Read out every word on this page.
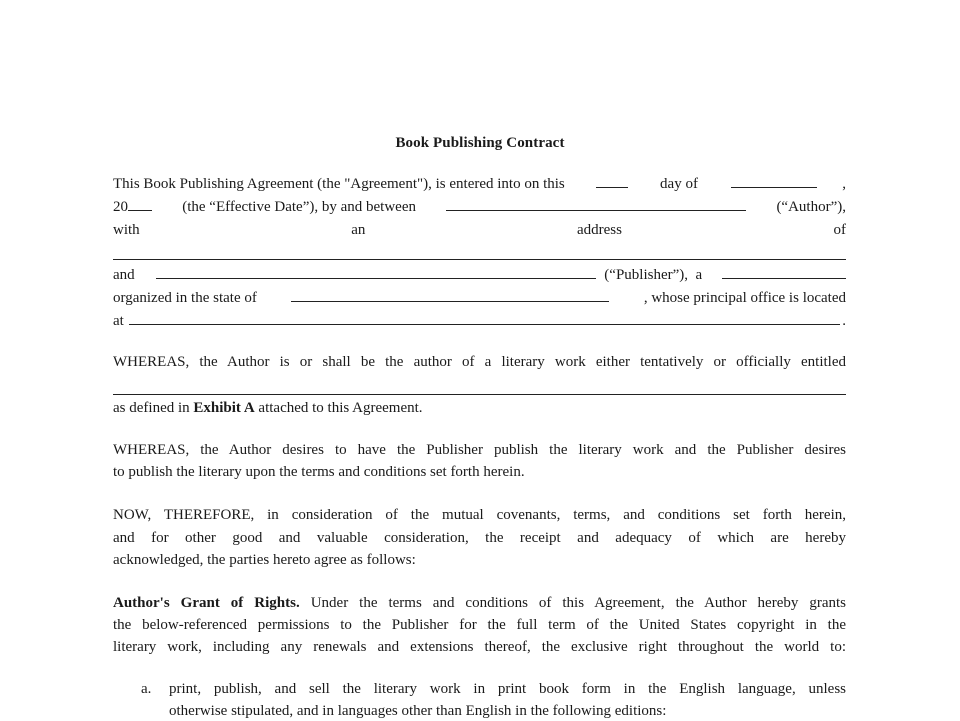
Book Publishing Contract
This Book Publishing Agreement (the "Agreement"), is entered into on this	day of	,
20	(the “Effective Date”), by and between	(“Author”),
with	an	address	of
and	(“Publisher”),  a
organized in the state of	, whose principal office is located
at	.
WHEREAS, the Author is or shall be the author of a literary work either tentatively or officially entitled
as defined in Exhibit A attached to this Agreement.
WHEREAS, the Author desires to have the Publisher publish the literary work and the Publisher desires
to publish the literary upon the terms and conditions set forth herein.
NOW, THEREFORE, in consideration of the mutual covenants, terms, and conditions set forth herein,
and for other good and valuable consideration, the receipt and adequacy of which are hereby
acknowledged, the parties hereto agree as follows:
Author's Grant of Rights. Under the terms and conditions of this Agreement, the Author hereby grants
the below-referenced permissions to the Publisher for the full term of the United States copyright in the
literary work, including any renewals and extensions thereof, the exclusive right throughout the world to:
a. print, publish, and sell the literary work in print book form in the English language, unless
otherwise stipulated, and in languages other than English in the following editions:
